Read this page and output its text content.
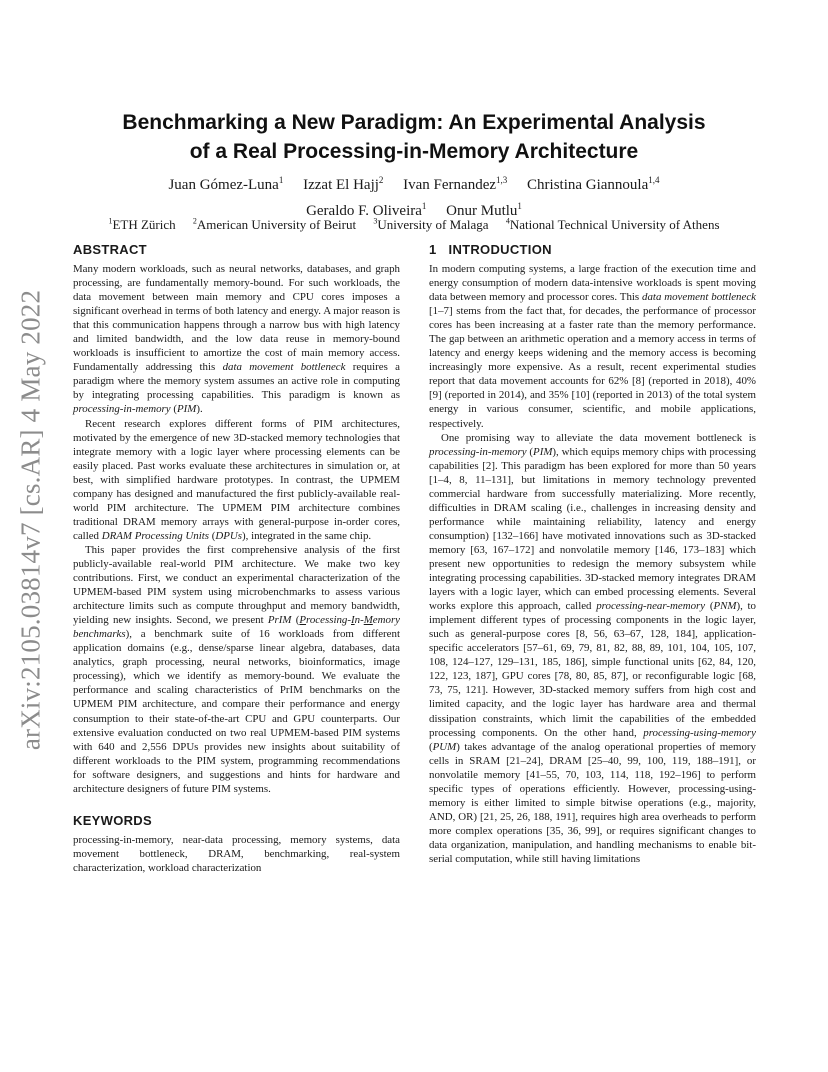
arXiv:2105.03814v7 [cs.AR] 4 May 2022
Benchmarking a New Paradigm: An Experimental Analysis
of a Real Processing-in-Memory Architecture
Juan Gómez-Luna$^1$ Izzat El Hajj$^2$ Ivan Fernandez$^{1,3}$ Christina Giannoula$^{1,4}$
Geraldo F. Oliveira$^1$ Onur Mutlu$^1$
$^1$ETH Zürich $^2$American University of Beirut $^3$University of Malaga $^4$National Technical University of Athens
ABSTRACT

Many modern workloads, such as neural networks, databases, and graph processing, are fundamentally memory-bound. For such workloads, the data movement between main memory and CPU cores imposes a significant overhead in terms of both latency and energy. A major reason is that this communication happens through a narrow bus with high latency and limited bandwidth, and the low data reuse in memory-bound workloads is insufficient to amortize the cost of main memory access. Fundamentally addressing this data movement bottleneck requires a paradigm where the memory system assumes an active role in computing by integrating processing capabilities. This paradigm is known as processing-in-memory (PIM).

Recent research explores different forms of PIM architectures, motivated by the emergence of new 3D-stacked memory technologies that integrate memory with a logic layer where processing elements can be easily placed. Past works evaluate these architectures in simulation or, at best, with simplified hardware prototypes. In contrast, the UPMEM company has designed and manufactured the first publicly-available real-world PIM architecture. The UPMEM PIM architecture combines traditional DRAM memory arrays with general-purpose in-order cores, called DRAM Processing Units (DPUs), integrated in the same chip.

This paper provides the first comprehensive analysis of the first publicly-available real-world PIM architecture. We make two key contributions. First, we conduct an experimental characterization of the UPMEM-based PIM system using microbenchmarks to assess various architecture limits such as compute throughput and memory bandwidth, yielding new insights. Second, we present PrIM (Processing-In-Memory benchmarks), a benchmark suite of 16 workloads from different application domains (e.g., dense/sparse linear algebra, databases, data analytics, graph processing, neural networks, bioinformatics, image processing), which we identify as memory-bound. We evaluate the performance and scaling characteristics of PrIM benchmarks on the UPMEM PIM architecture, and compare their performance and energy consumption to their state-of-the-art CPU and GPU counterparts. Our extensive evaluation conducted on two real UPMEM-based PIM systems with 640 and 2,556 DPUs provides new insights about suitability of different workloads to the PIM system, programming recommendations for software designers, and suggestions and hints for hardware and architecture designers of future PIM systems.

KEYWORDS

processing-in-memory, near-data processing, memory systems, data movement bottleneck, DRAM, benchmarking, real-system characterization, workload characterization

1 INTRODUCTION

In modern computing systems, a large fraction of the execution time and energy consumption of modern data-intensive workloads is spent moving data between memory and processor cores. This data movement bottleneck [1–7] stems from the fact that, for decades, the performance of processor cores has been increasing at a faster rate than the memory performance. The gap between an arithmetic operation and a memory access in terms of latency and energy keeps widening and the memory access is becoming increasingly more expensive. As a result, recent experimental studies report that data movement accounts for 62% [8] (reported in 2018), 40% [9] (reported in 2014), and 35% [10] (reported in 2013) of the total system energy in various consumer, scientific, and mobile applications, respectively.

One promising way to alleviate the data movement bottleneck is processing-in-memory (PIM), which equips memory chips with processing capabilities [2]. This paradigm has been explored for more than 50 years [1–4, 8, 11–131], but limitations in memory technology prevented commercial hardware from successfully materializing. More recently, difficulties in DRAM scaling (i.e., challenges in increasing density and performance while maintaining reliability, latency and energy consumption) [132–166] have motivated innovations such as 3D-stacked memory [63, 167–172] and nonvolatile memory [146, 173–183] which present new opportunities to redesign the memory subsystem while integrating processing capabilities. 3D-stacked memory integrates DRAM layers with a logic layer, which can embed processing elements. Several works explore this approach, called processing-near-memory (PNM), to implement different types of processing components in the logic layer, such as general-purpose cores [8, 56, 63–67, 128, 184], application-specific accelerators [57–61, 69, 79, 81, 82, 88, 89, 101, 104, 105, 107, 108, 124–127, 129–131, 185, 186], simple functional units [62, 84, 120, 122, 123, 187], GPU cores [78, 80, 85, 87], or reconfigurable logic [68, 73, 75, 121]. However, 3D-stacked memory suffers from high cost and limited capacity, and the logic layer has hardware area and thermal dissipation constraints, which limit the capabilities of the embedded processing components. On the other hand, processing-using-memory (PUM) takes advantage of the analog operational properties of memory cells in SRAM [21–24], DRAM [25–40, 99, 100, 119, 188–191], or nonvolatile memory [41–55, 70, 103, 114, 118, 192–196] to perform specific types of operations efficiently. However, processing-using-memory is either limited to simple bitwise operations (e.g., majority, AND, OR) [21, 25, 26, 188, 191], requires high area overheads to perform more complex operations [35, 36, 99], or requires significant changes to data organization, manipulation, and handling mechanisms to enable bit-serial computation, while still having limitations
